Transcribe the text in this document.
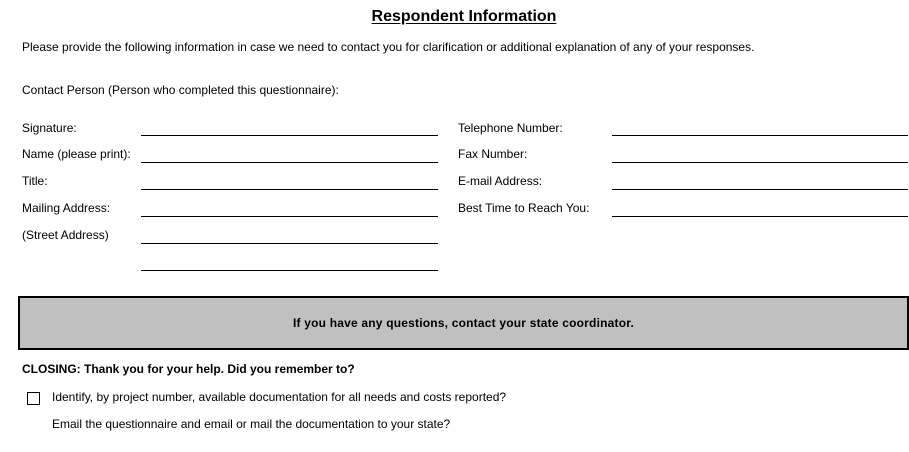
Respondent Information
Please provide the following information in case we need to contact you for clarification or additional explanation of any of your responses.
Contact Person (Person who completed this questionnaire):
Signature:
Name (please print):
Title:
Mailing Address:
(Street Address)
Telephone Number:
Fax Number:
E-mail Address:
Best Time to Reach You:
If you have any questions, contact your state coordinator.
CLOSING: Thank you for your help. Did you remember to?
Identify, by project number, available documentation for all needs and costs reported?
Email the questionnaire and email or mail the documentation to your state?
